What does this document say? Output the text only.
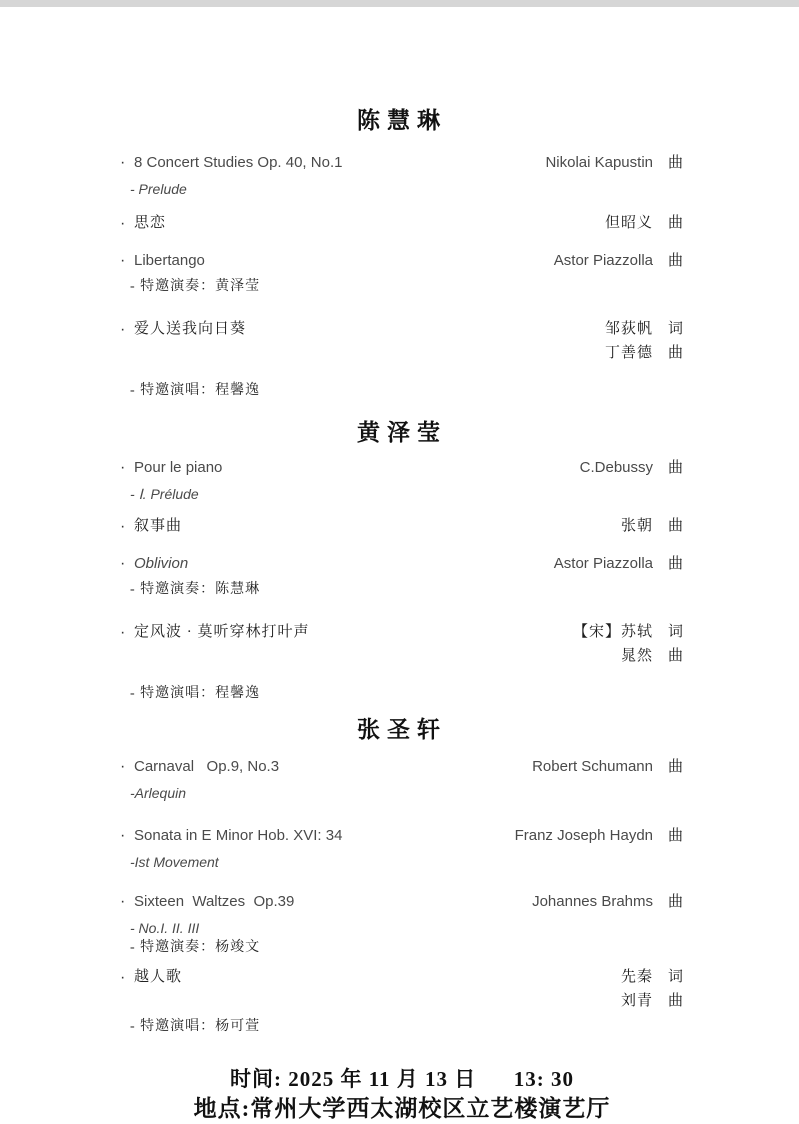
陈慧琳
· 8 Concert Studies Op. 40, No.1	Nikolai Kapustin 曲
- Prelude
· 思恋	但昭义 曲
· Libertango	Astor Piazzolla 曲
- 特邀演奏：黄泽莹
· 爱人送我向日葵	邹荻帆 词
丁善德 曲
- 特邀演唱：程馨逸
黄泽莹
· Pour le piano	C.Debussy 曲
- Ⅰ. Prélude
· 叙事曲	张朝 曲
· Oblivion	Astor Piazzolla 曲
- 特邀演奏：陈慧琳
· 定风波 · 莫听穿林打叶声	【宋】苏轼 词
晁然 曲
- 特邀演唱：程馨逸
张圣轩
· Carnaval   Op.9, No.3	Robert Schumann 曲
-Arlequin
· Sonata in E Minor Hob. XVI: 34	Franz Joseph Haydn 曲
-Ist Movement
· Sixteen  Waltzes  Op.39	Johannes Brahms 曲
- No.I. II. III
- 特邀演奏：杨竣文
· 越人歌	先秦 词
刘青 曲
- 特邀演唱：杨可萱
时间: 2025 年 11 月 13 日      13: 30
地点:常州大学西太湖校区立艺楼演艺厅
